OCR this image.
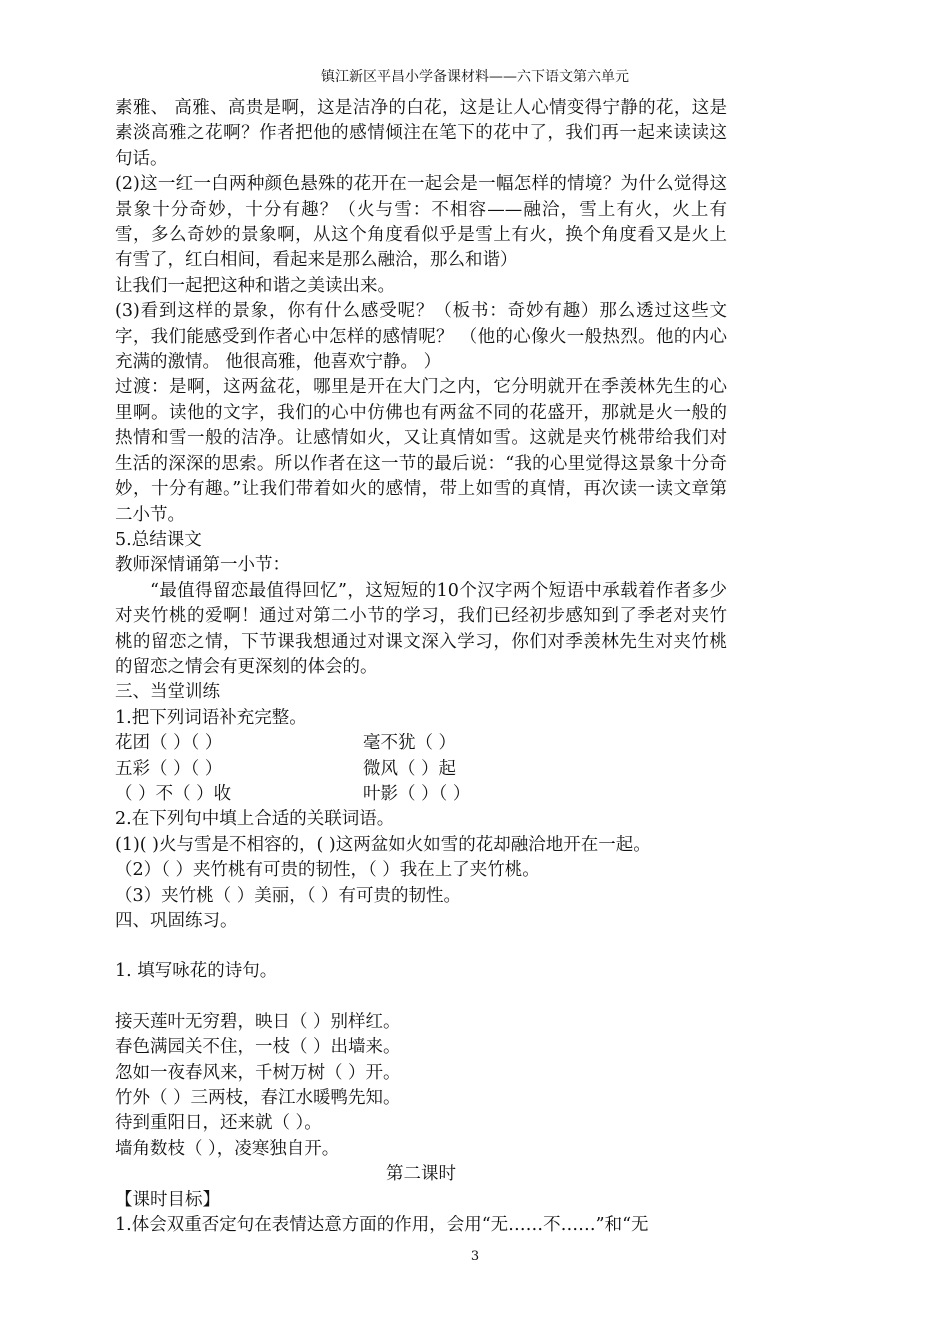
镇江新区平昌小学备课材料——六下语文第六单元

素雅、 高雅、高贵是啊，这是洁净的白花，这是让人心情变得宁静的花，这是素淡高雅之花啊？作者把他的感情倾注在笔下的花中了，我们再一起来读读这句话。

(2)这一红一白两种颜色悬殊的花开在一起会是一幅怎样的情境？为什么觉得这景象十分奇妙，十分有趣？（火与雪：不相容——融洽，雪上有火，火上有雪，多么奇妙的景象啊，从这个角度看似乎是雪上有火，换个角度看又是火上有雪了，红白相间，看起来是那么融洽，那么和谐）

让我们一起把这种和谐之美读出来。

(3)看到这样的景象，你有什么感受呢？（板书：奇妙有趣）那么透过这些文字，我们能感受到作者心中怎样的感情呢？ （他的心像火一般热烈。他的内心充满的激情。 他很高雅，他喜欢宁静。 ）

过渡：是啊，这两盆花，哪里是开在大门之内，它分明就开在季羡林先生的心里啊。读他的文字，我们的心中仿佛也有两盆不同的花盛开，那就是火一般的热情和雪一般的洁净。让感情如火，又让真情如雪。这就是夹竹桃带给我们对生活的深深的思索。所以作者在这一节的最后说：“我的心里觉得这景象十分奇妙，十分有趣。”让我们带着如火的感情，带上如雪的真情，再次读一读文章第二小节。

5.总结课文

教师深情诵第一小节：

“最值得留恋最值得回忆”，这短短的10个汉字两个短语中承载着作者多少对夹竹桃的爱啊！通过对第二小节的学习，我们已经初步感知到了季老对夹竹桃的留恋之情，下节课我想通过对课文深入学习，你们对季羡林先生对夹竹桃的留恋之情会有更深刻的体会的。

三、当堂训练

1.把下列词语补充完整。

花团（ ）（ ）	毫不犹（ ）
五彩（ ）（ ）	微风（ ）起
（ ）不（ ）收	叶影（ ）（ ）

2.在下列句中填上合适的关联词语。

(1)( )火与雪是不相容的，( )这两盆如火如雪的花却融洽地开在一起。

（2）（ ）夹竹桃有可贵的韧性，（ ）我在上了夹竹桃。

（3）夹竹桃（ ）美丽，（ ）有可贵的韧性。

四、巩固练习。

1. 填写咏花的诗句。

接天莲叶无穷碧，映日（ ）别样红。

春色满园关不住，一枝（ ）出墙来。

忽如一夜春风来，千树万树（ ）开。

竹外（ ）三两枝，春江水暖鸭先知。

待到重阳日，还来就（ ）。

墙角数枝（ ），凌寒独自开。

第二课时

【课时目标】

1.体会双重否定句在表情达意方面的作用，会用“无……不……”和“无

3
